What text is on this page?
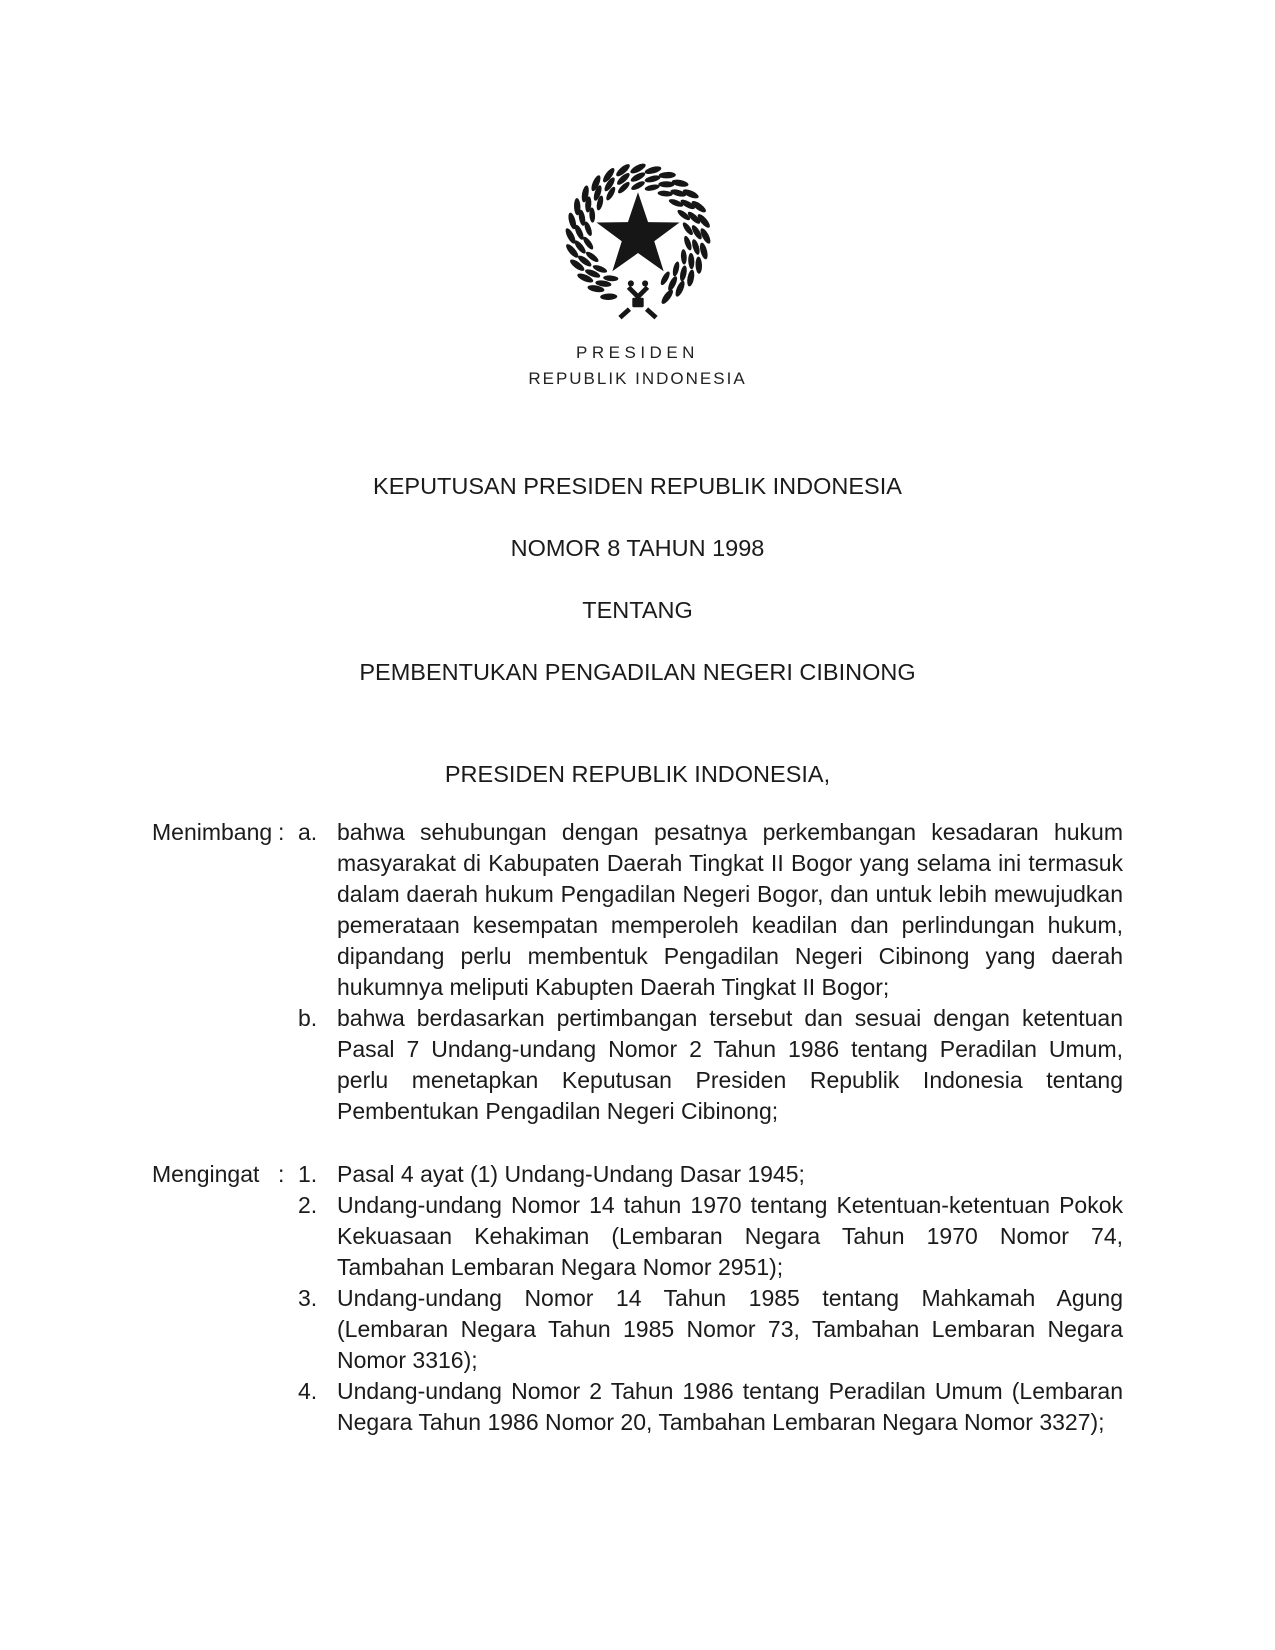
PRESIDEN
REPUBLIK INDONESIA

KEPUTUSAN PRESIDEN REPUBLIK INDONESIA

NOMOR 8 TAHUN 1998

TENTANG

PEMBENTUKAN PENGADILAN NEGERI CIBINONG

PRESIDEN REPUBLIK INDONESIA,
Menimbang : a. bahwa sehubungan dengan pesatnya perkembangan kesadaran hukum masyarakat di Kabupaten Daerah Tingkat II Bogor yang selama ini termasuk dalam daerah hukum Pengadilan Negeri Bogor, dan untuk lebih mewujudkan pemerataan kesempatan memperoleh keadilan dan perlindungan hukum, dipandang perlu membentuk Pengadilan Negeri Cibinong yang daerah hukumnya meliputi Kabupten Daerah Tingkat II Bogor;

b. bahwa berdasarkan pertimbangan tersebut dan sesuai dengan ketentuan Pasal 7 Undang-undang Nomor 2 Tahun 1986 tentang Peradilan Umum, perlu menetapkan Keputusan Presiden Republik Indonesia tentang Pembentukan Pengadilan Negeri Cibinong;

Mengingat : 1. Pasal 4 ayat (1) Undang-Undang Dasar 1945;

2. Undang-undang Nomor 14 tahun 1970 tentang Ketentuan-ketentuan Pokok Kekuasaan Kehakiman (Lembaran Negara Tahun 1970 Nomor 74, Tambahan Lembaran Negara Nomor 2951);

3. Undang-undang Nomor 14 Tahun 1985 tentang Mahkamah Agung (Lembaran Negara Tahun 1985 Nomor 73, Tambahan Lembaran Negara Nomor 3316);

4. Undang-undang Nomor 2 Tahun 1986 tentang Peradilan Umum (Lembaran Negara Tahun 1986 Nomor 20, Tambahan Lembaran Negara Nomor 3327);
